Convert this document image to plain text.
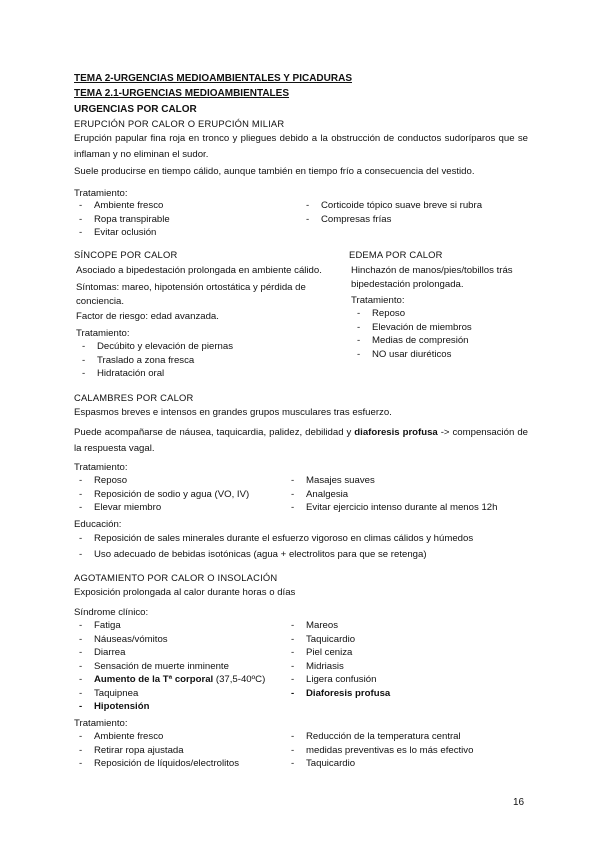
TEMA 2-URGENCIAS MEDIOAMBIENTALES Y PICADURAS
TEMA 2.1-URGENCIAS MEDIOAMBIENTALES
URGENCIAS POR CALOR
ERUPCIÓN POR CALOR O ERUPCIÓN MILIAR
Erupción papular fina roja en tronco y pliegues debido a la obstrucción de conductos sudoríparos que se inflaman y no eliminan el sudor.
Suele producirse en tiempo cálido, aunque también en tiempo frío a consecuencia del vestido.
Tratamiento:
- Ambiente fresco
- Ropa transpirable
- Evitar oclusión
- Corticoide tópico suave breve si rubra
- Compresas frías
SÍNCOPE POR CALOR
Asociado a bipedestación prolongada en ambiente cálido.
Síntomas: mareo, hipotensión ortostática y pérdida de conciencia.
Factor de riesgo: edad avanzada.
Tratamiento:
- Decúbito y elevación de piernas
- Traslado a zona fresca
- Hidratación oral
EDEMA POR CALOR
Hinchazón de manos/pies/tobillos trás bipedestación prolongada.
Tratamiento:
- Reposo
- Elevación de miembros
- Medias de compresión
- NO usar diuréticos
CALAMBRES POR CALOR
Espasmos breves e intensos en grandes grupos musculares tras esfuerzo.
Puede acompañarse de náusea, taquicardia, palidez, debilidad y diaforesis profusa -> compensación de la respuesta vagal.
Tratamiento:
- Reposo
- Reposición de sodio y agua (VO, IV)
- Elevar miembro
- Masajes suaves
- Analgesia
- Evitar ejercicio intenso durante al menos 12h
Educación:
- Reposición de sales minerales durante el esfuerzo vigoroso en climas cálidos y húmedos
- Uso adecuado de bebidas isotónicas (agua + electrolitos para que se retenga)
AGOTAMIENTO POR CALOR O INSOLACIÓN
Exposición prolongada al calor durante horas o días
Síndrome clínico:
- Fatiga
- Náuseas/vómitos
- Diarrea
- Sensación de muerte inminente
- Aumento de la Tª corporal (37,5-40ºC)
- Taquipnea
- Hipotensión
- Mareos
- Taquicardio
- Piel ceniza
- Midriasis
- Ligera confusión
- Diaforesis profusa
Tratamiento:
- Ambiente fresco
- Retirar ropa ajustada
- Reposición de líquidos/electrolitos
- Reducción de la temperatura central
- medidas preventivas es lo más efectivo
- Taquicardio
16
